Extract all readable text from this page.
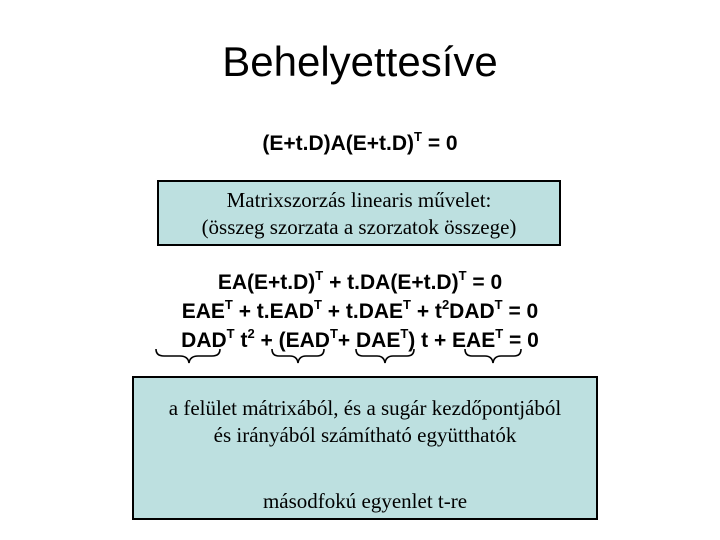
Behelyettesíve
$(E+t.D)A(E+t.D)^T = 0$
Matrixszorzás linearis művelet:
(összeg szorzata a szorzatok összege)
$EA(E+t.D)^T + t.DA(E+t.D)^T = 0$
$EAE^T + t.EAD^T + t.DAE^T + t^2DAD^T = 0$
$DAD^T$ $t^2 + (EAD^T+ DAE^T) t + EAE^T = 0$
a felület mátrixából, és a sugár kezdőpontjából
és irányából számítható együtthatók
másodfokú egyenlet t-re
